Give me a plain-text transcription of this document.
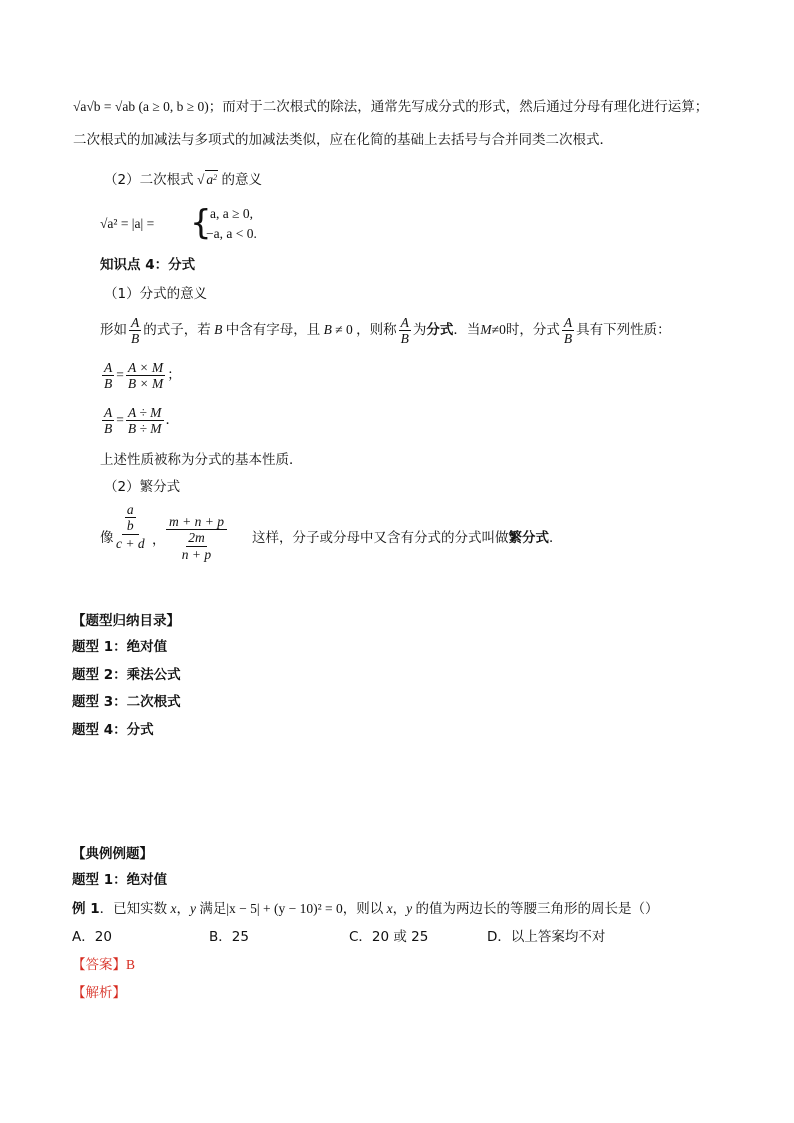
√a√b = √ab (a ≥ 0, b ≥ 0)；而对于二次根式的除法，通常先写成分式的形式，然后通过分母有理化进行运算；
二次根式的加减法与多项式的加减法类似，应在化简的基础上去括号与合并同类二次根式．
（2）二次根式 √ $a^2$ 的意义
√a² = |a| = {
a, a ≥ 0,
−a, a < 0.
知识点 4：分式
（1）分式的意义
形如 $\frac{A}{B}$ 的式子，若 B 中含有字母，且 B ≠ 0 ，则称 $\frac{A}{B}$ 为分式．当M≠0时，分式 $\frac{A}{B}$ 具有下列性质：
$\frac{A}{B} = \frac{A \times M}{B \times M}$ ；
$\frac{A}{B} = \frac{A \div M}{B \div M}$ ．
上述性质被称为分式的基本性质．
（2）繁分式
像
a
b
c + d ，
m + n + p
2m
n + p
这样，分子或分母中又含有分式的分式叫做繁分式．
【题型归纳目录】
题型 1：绝对值
题型 2：乘法公式
题型 3：二次根式
题型 4：分式
【典例例题】
题型 1：绝对值
例 1．已知实数 x，y 满足|x − 5| + (y − 10)² = 0，则以 x，y 的值为两边长的等腰三角形的周长是（）
A．20	B．25	C．20 或 25	D．以上答案均不对
【答案】B
【解析】
